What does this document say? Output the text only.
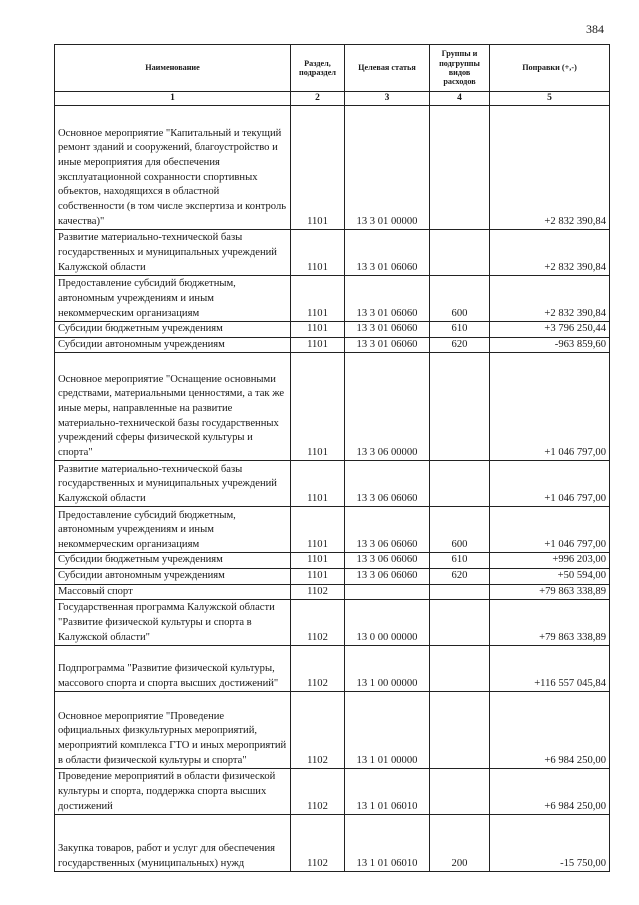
384
Наименование	Раздел, подраздел	Целевая статья	Группы и подгруппы видов расходов	Поправки (+,-)
1	2	3	4	5
Основное мероприятие "Капитальный и текущий ремонт зданий и сооружений, благоустройство и иные мероприятия для обеспечения эксплуатационной сохранности спортивных объектов, находящихся в областной собственности (в том числе экспертиза и контроль качества)"	1101	13 3 01 00000		+2 832 390,84
Развитие материально-технической базы государственных и муниципальных учреждений Калужской области	1101	13 3 01 06060		+2 832 390,84
Предоставление субсидий бюджетным, автономным учреждениям и иным некоммерческим организациям	1101	13 3 01 06060	600	+2 832 390,84
Субсидии бюджетным учреждениям	1101	13 3 01 06060	610	+3 796 250,44
Субсидии автономным учреждениям	1101	13 3 01 06060	620	-963 859,60
Основное мероприятие "Оснащение основными средствами, материальными ценностями, а так же иные меры, направленные на развитие материально-технической базы государственных учреждений сферы физической культуры и спорта"	1101	13 3 06 00000		+1 046 797,00
Развитие материально-технической базы государственных и муниципальных учреждений Калужской области	1101	13 3 06 06060		+1 046 797,00
Предоставление субсидий бюджетным, автономным учреждениям и иным некоммерческим организациям	1101	13 3 06 06060	600	+1 046 797,00
Субсидии бюджетным учреждениям	1101	13 3 06 06060	610	+996 203,00
Субсидии автономным учреждениям	1101	13 3 06 06060	620	+50 594,00
Массовый спорт	1102			+79 863 338,89
Государственная программа Калужской области "Развитие физической культуры и спорта в Калужской области"	1102	13 0 00 00000		+79 863 338,89
Подпрограмма "Развитие физической культуры, массового спорта и спорта высших достижений"	1102	13 1 00 00000		+116 557 045,84
Основное мероприятие "Проведение официальных физкультурных мероприятий, мероприятий комплекса ГТО и иных мероприятий в области физической культуры и спорта"	1102	13 1 01 00000		+6 984 250,00
Проведение мероприятий в области физической культуры и спорта, поддержка спорта высших достижений	1102	13 1 01 06010		+6 984 250,00
Закупка товаров, работ и услуг для обеспечения государственных (муниципальных) нужд	1102	13 1 01 06010	200	-15 750,00
